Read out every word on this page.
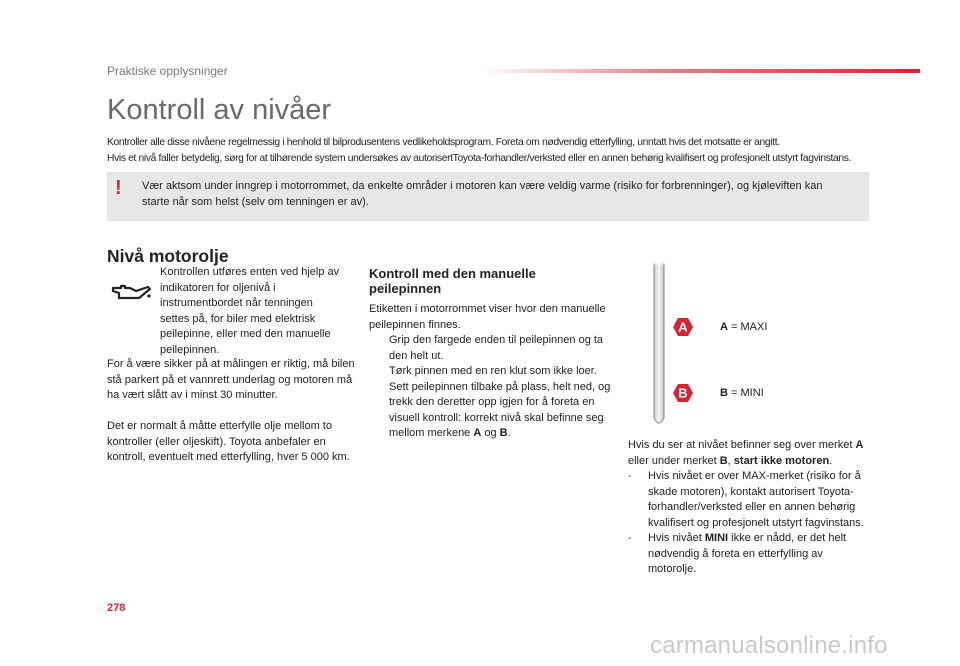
Praktiske opplysninger
Kontroll av nivåer
Kontroller alle disse nivåene regelmessig i henhold til bilprodusentens vedlikeholdsprogram. Foreta om nødvendig etterfylling, unntatt hvis det motsatte er angitt.
Hvis et nivå faller betydelig, sørg for at tilhørende system undersøkes av autorisertToyota-forhandler/verksted eller en annen behørig kvalifisert og profesjonelt utstyrt fagvinstans.
! Vær aktsom under inngrep i motorrommet, da enkelte områder i motoren kan være veldig varme (risiko for forbrenninger), og kjøleviften kan starte når som helst (selv om tenningen er av).
Nivå motorolje
Kontrollen utføres enten ved hjelp av indikatoren for oljenivå i instrumentbordet når tenningen settes på, for biler med elektrisk peilepinne, eller med den manuelle peilepinnen.
For å være sikker på at målingen er riktig, må bilen stå parkert på et vannrett underlag og motoren må ha vært slått av i minst 30 minutter.
Det er normalt å måtte etterfylle olje mellom to kontroller (eller oljeskift). Toyota anbefaler en kontroll, eventuelt med etterfylling, hver 5 000 km.
Kontroll med den manuelle peilepinnen
Etiketten i motorrommet viser hvor den manuelle peilepinnen finnes.
Grip den fargede enden til peilepinnen og ta den helt ut.
Tørk pinnen med en ren klut som ikke loer.
Sett peilepinnen tilbake på plass, helt ned, og trekk den deretter opp igjen for å foreta en visuell kontroll: korrekt nivå skal befinne seg mellom merkene A og B.
A
B
A = MAXI
B = MINI
Hvis du ser at nivået befinner seg over merket A eller under merket B, start ikke motoren.
- Hvis nivået er over MAX-merket (risiko for å skade motoren), kontakt autorisert Toyota-forhandler/verksted eller en annen behørig kvalifisert og profesjonelt utstyrt fagvinstans.
- Hvis nivået MINI ikke er nådd, er det helt nødvendig å foreta en etterfylling av motorolje.
278
carmanualsonline.info
